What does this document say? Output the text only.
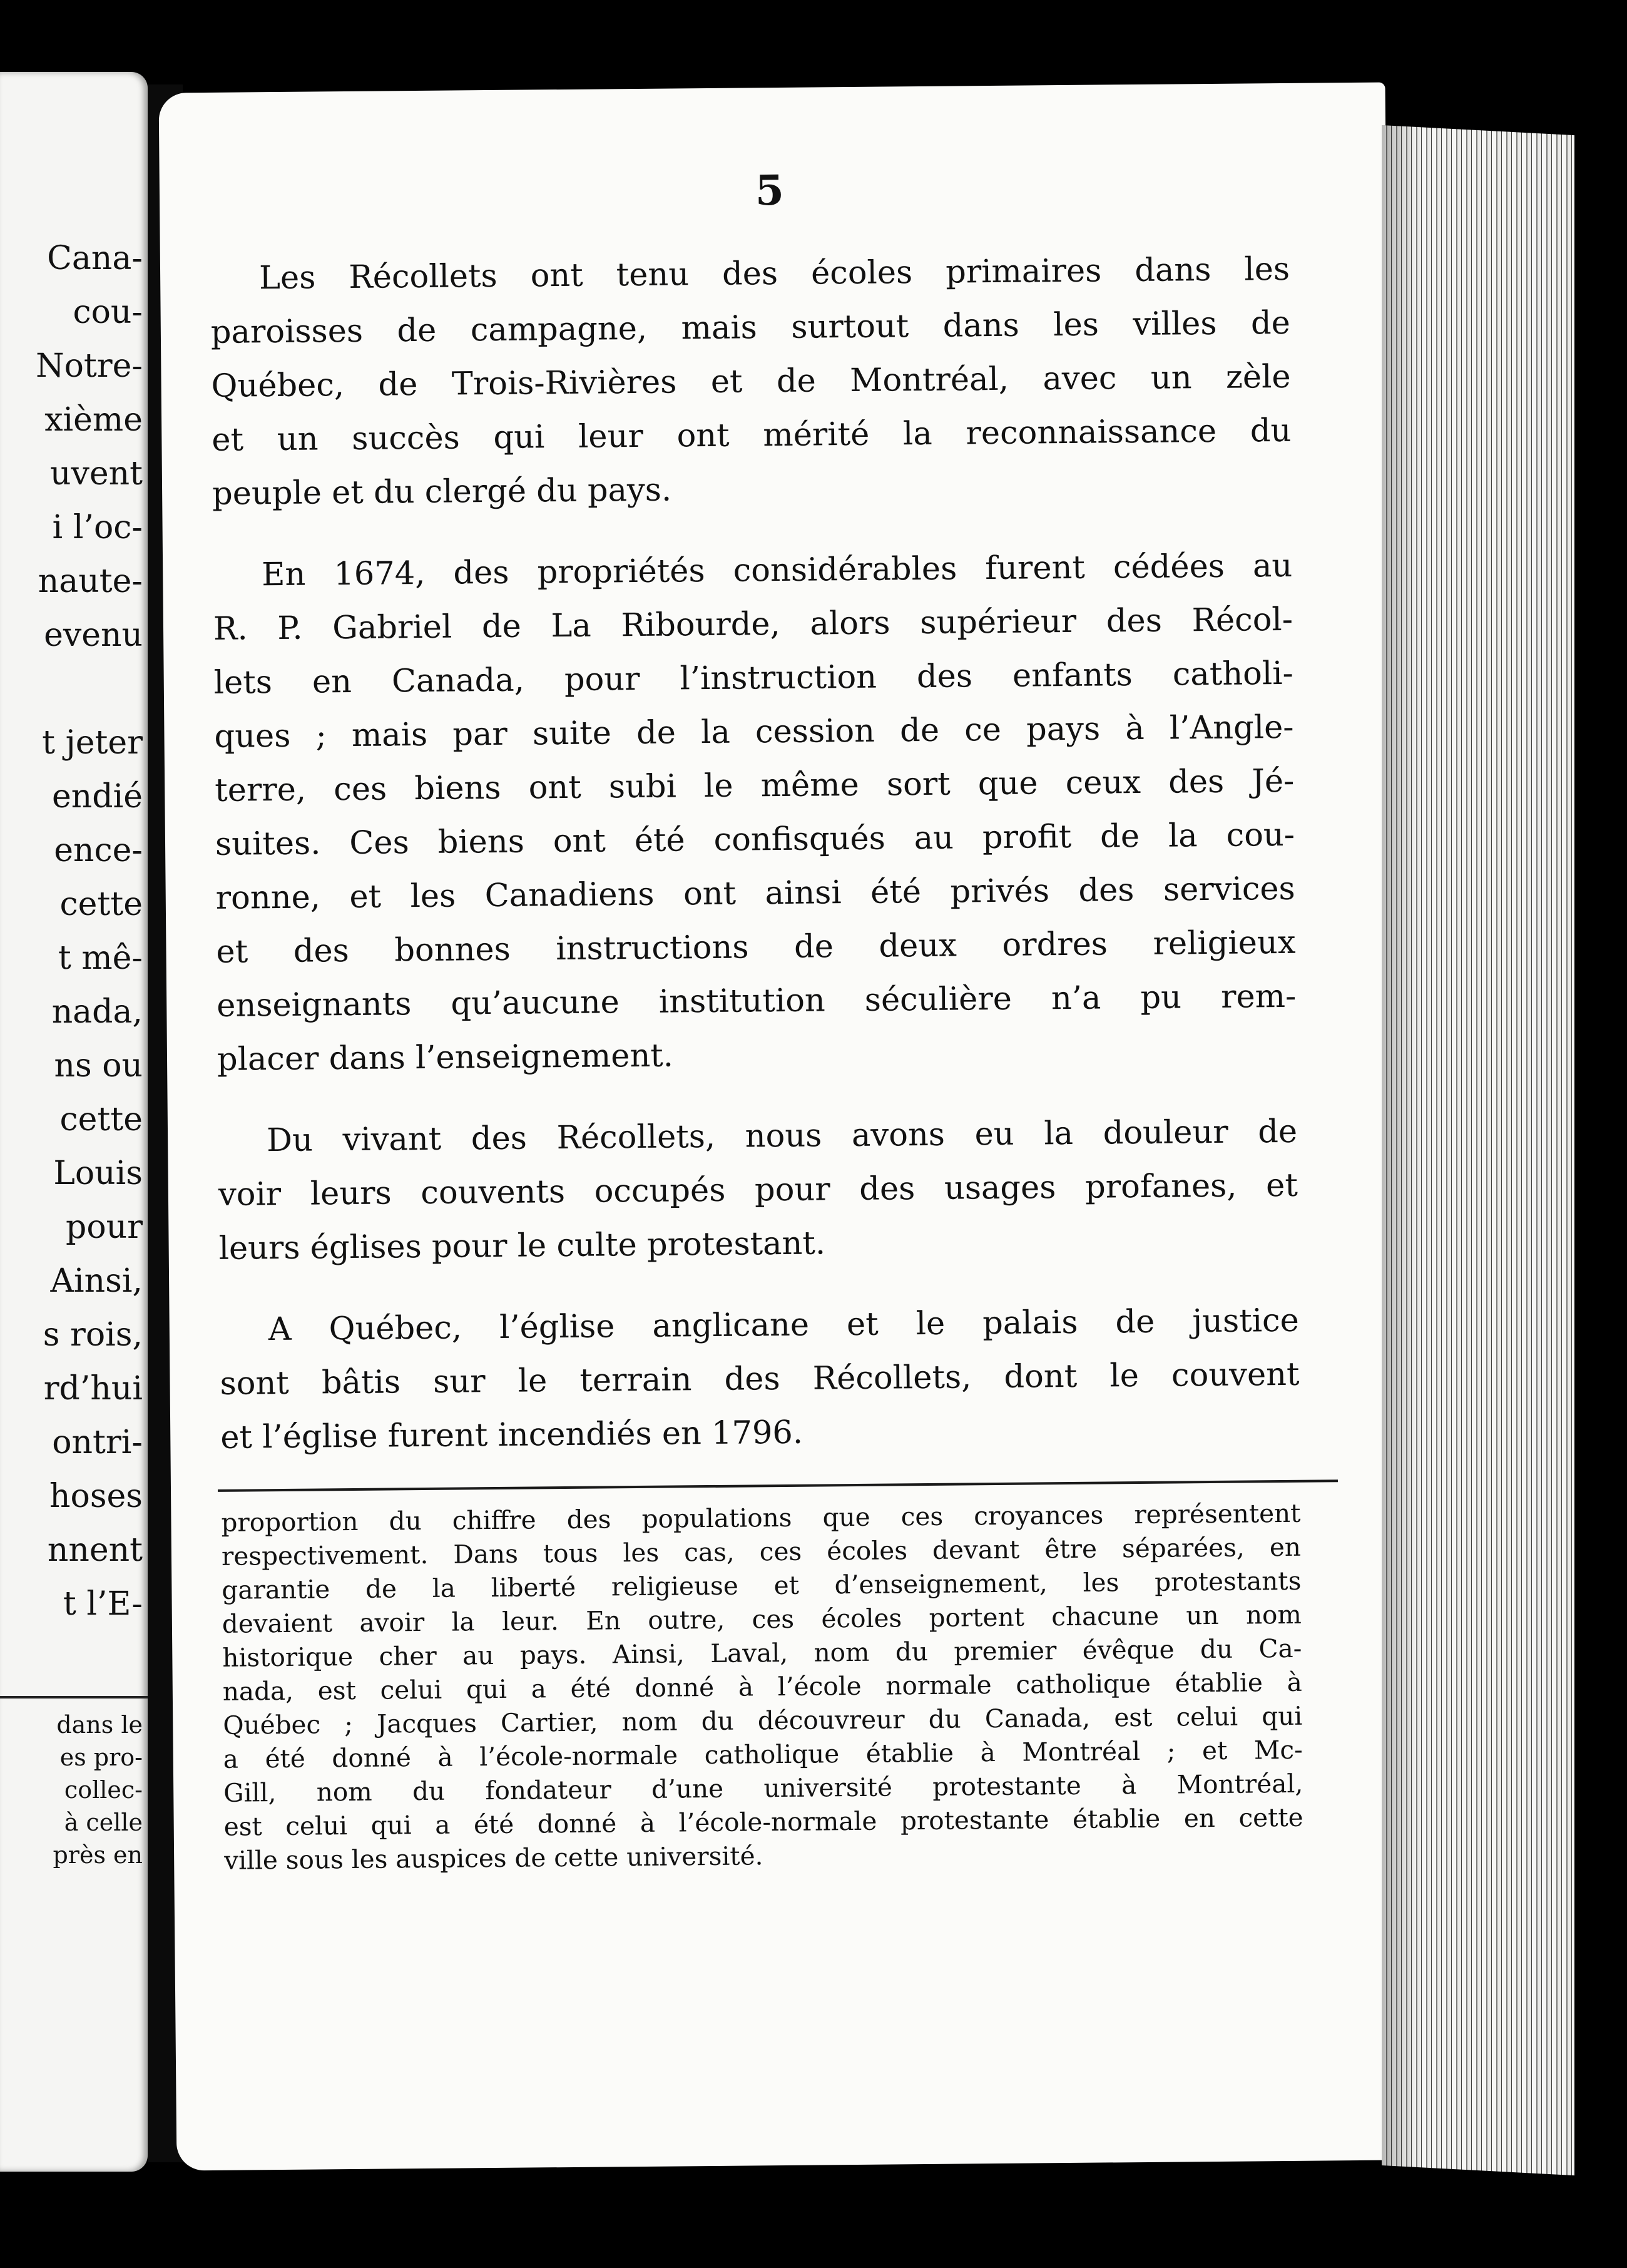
Cana-
cou-
Notre-
xième
uvent
i l’oc-
naute-
evenu

t jeter
endié
ence-
cette
t mê-
nada,
ns ou
cette
Louis
pour
Ainsi,
s rois,
rd’hui
ontri-
hoses
nnent
t l’E-
dans le
es pro-
collec-
à celle
près en
5
Les Récollets ont tenu des écoles primaires dans les
paroisses de campagne, mais surtout dans les villes de
Québec, de Trois-Rivières et de Montréal, avec un zèle
et un succès qui leur ont mérité la reconnaissance du
peuple et du clergé du pays.
En 1674, des propriétés considérables furent cédées au
R. P. Gabriel de La Ribourde, alors supérieur des Récol-
lets en Canada, pour l’instruction des enfants catholi-
ques ; mais par suite de la cession de ce pays à l’Angle-
terre, ces biens ont subi le même sort que ceux des Jé-
suites. Ces biens ont été confisqués au profit de la cou-
ronne, et les Canadiens ont ainsi été privés des services
et des bonnes instructions de deux ordres religieux
enseignants qu’aucune institution séculière n’a pu rem-
placer dans l’enseignement.
Du vivant des Récollets, nous avons eu la douleur de
voir leurs couvents occupés pour des usages profanes, et
leurs églises pour le culte protestant.
A Québec, l’église anglicane et le palais de justice
sont bâtis sur le terrain des Récollets, dont le couvent
et l’église furent incendiés en 1796.
proportion du chiffre des populations que ces croyances représentent
respectivement. Dans tous les cas, ces écoles devant être séparées, en
garantie de la liberté religieuse et d’enseignement, les protestants
devaient avoir la leur. En outre, ces écoles portent chacune un nom
historique cher au pays. Ainsi, Laval, nom du premier évêque du Ca-
nada, est celui qui a été donné à l’école normale catholique établie à
Québec ; Jacques Cartier, nom du découvreur du Canada, est celui qui
a été donné à l’école-normale catholique établie à Montréal ; et Mc-
Gill, nom du fondateur d’une université protestante à Montréal,
est celui qui a été donné à l’école-normale protestante établie en cette
ville sous les auspices de cette université.
